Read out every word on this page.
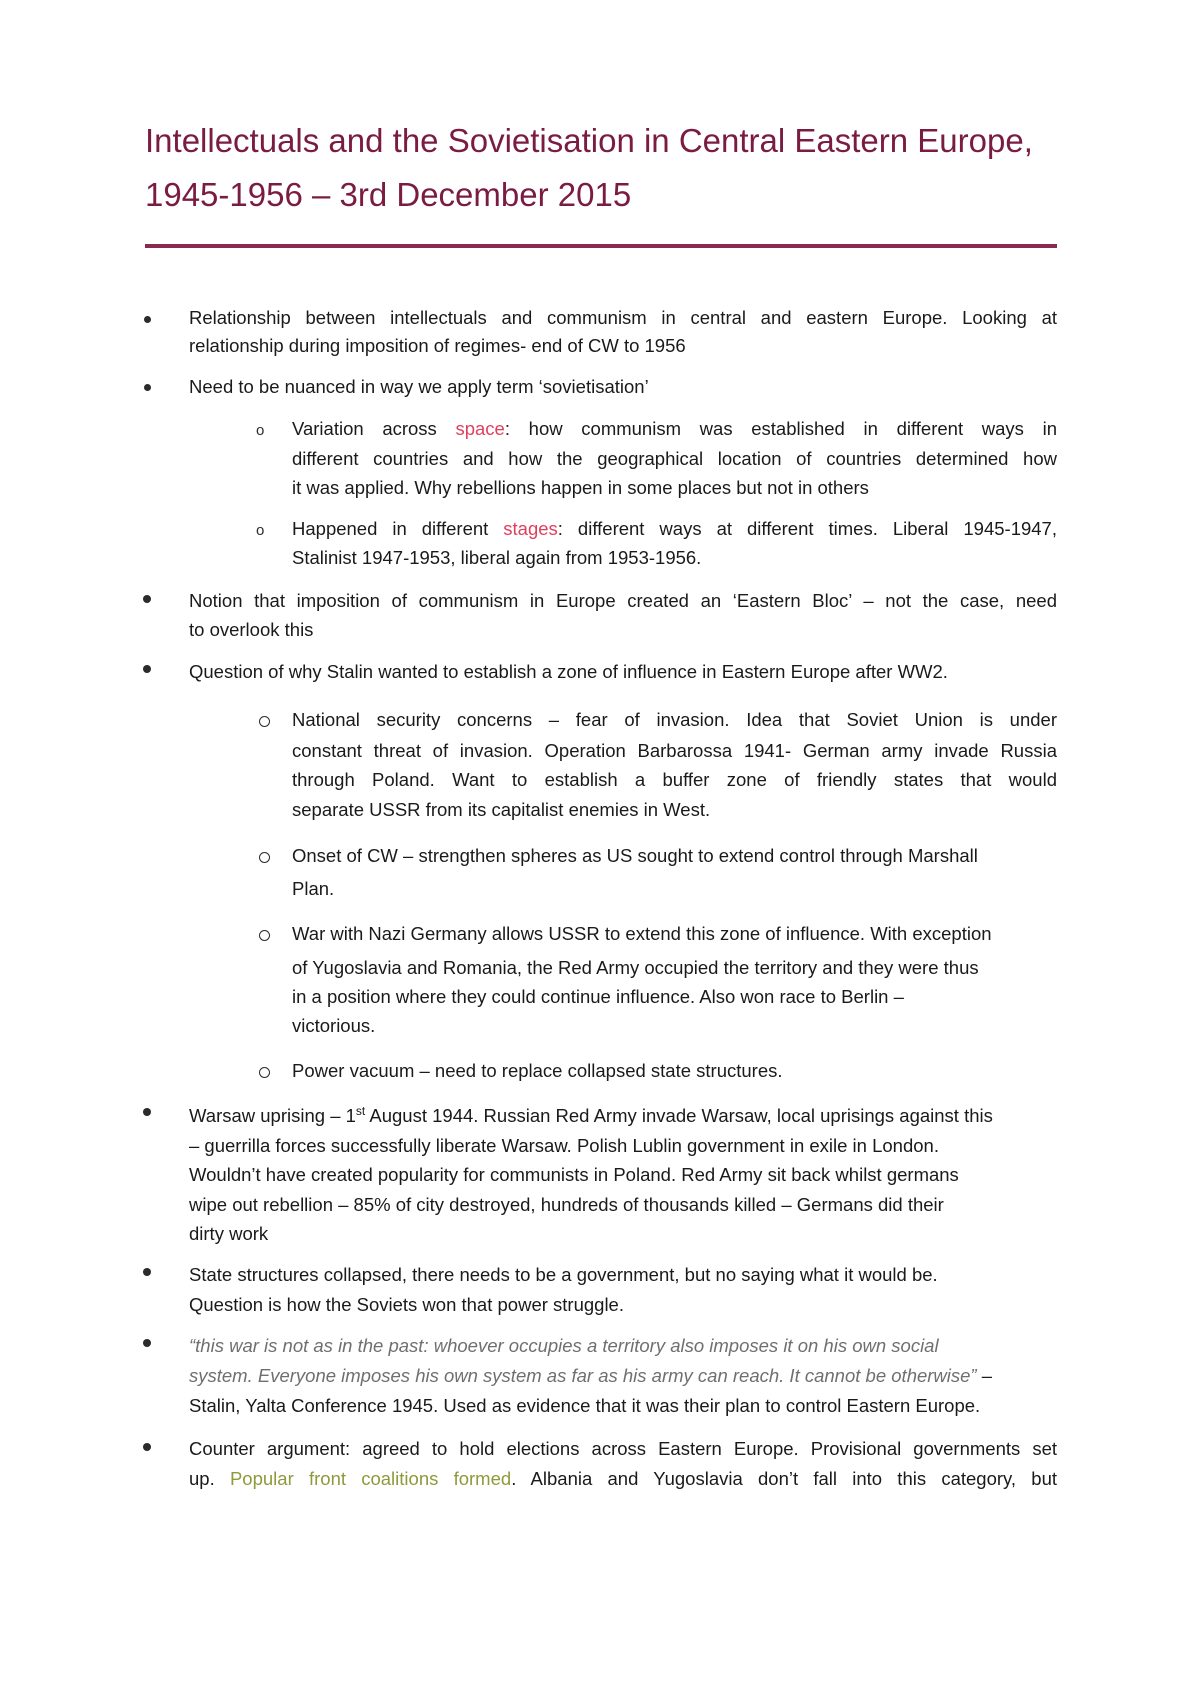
Intellectuals and the Sovietisation in Central Eastern Europe, 1945-1956 – 3rd December 2015
Relationship between intellectuals and communism in central and eastern Europe. Looking at
relationship during imposition of regimes- end of CW to 1956
Need to be nuanced in way we apply term ‘sovietisation’
o Variation across space: how communism was established in different ways in
different countries and how the geographical location of countries determined how
it was applied. Why rebellions happen in some places but not in others
o Happened in different stages: different ways at different times. Liberal 1945-1947,
Stalinist 1947-1953, liberal again from 1953-1956.
Notion that imposition of communism in Europe created an ‘Eastern Bloc’ – not the case, need
to overlook this
Question of why Stalin wanted to establish a zone of influence in Eastern Europe after WW2.
National security concerns – fear of invasion. Idea that Soviet Union is under
constant threat of invasion. Operation Barbarossa 1941- German army invade Russia
through Poland. Want to establish a buffer zone of friendly states that would
separate USSR from its capitalist enemies in West.
Onset of CW – strengthen spheres as US sought to extend control through Marshall
Plan.
War with Nazi Germany allows USSR to extend this zone of influence. With exception
of Yugoslavia and Romania, the Red Army occupied the territory and they were thus
in a position where they could continue influence. Also won race to Berlin –
victorious.
Power vacuum – need to replace collapsed state structures.
Warsaw uprising – 1st August 1944. Russian Red Army invade Warsaw, local uprisings against this
– guerrilla forces successfully liberate Warsaw. Polish Lublin government in exile in London.
Wouldn’t have created popularity for communists in Poland. Red Army sit back whilst germans
wipe out rebellion – 85% of city destroyed, hundreds of thousands killed – Germans did their
dirty work
State structures collapsed, there needs to be a government, but no saying what it would be.
Question is how the Soviets won that power struggle.
“this war is not as in the past: whoever occupies a territory also imposes it on his own social
system. Everyone imposes his own system as far as his army can reach. It cannot be otherwise” –
Stalin, Yalta Conference 1945. Used as evidence that it was their plan to control Eastern Europe.
Counter argument: agreed to hold elections across Eastern Europe. Provisional governments set
up. Popular front coalitions formed. Albania and Yugoslavia don’t fall into this category, but
